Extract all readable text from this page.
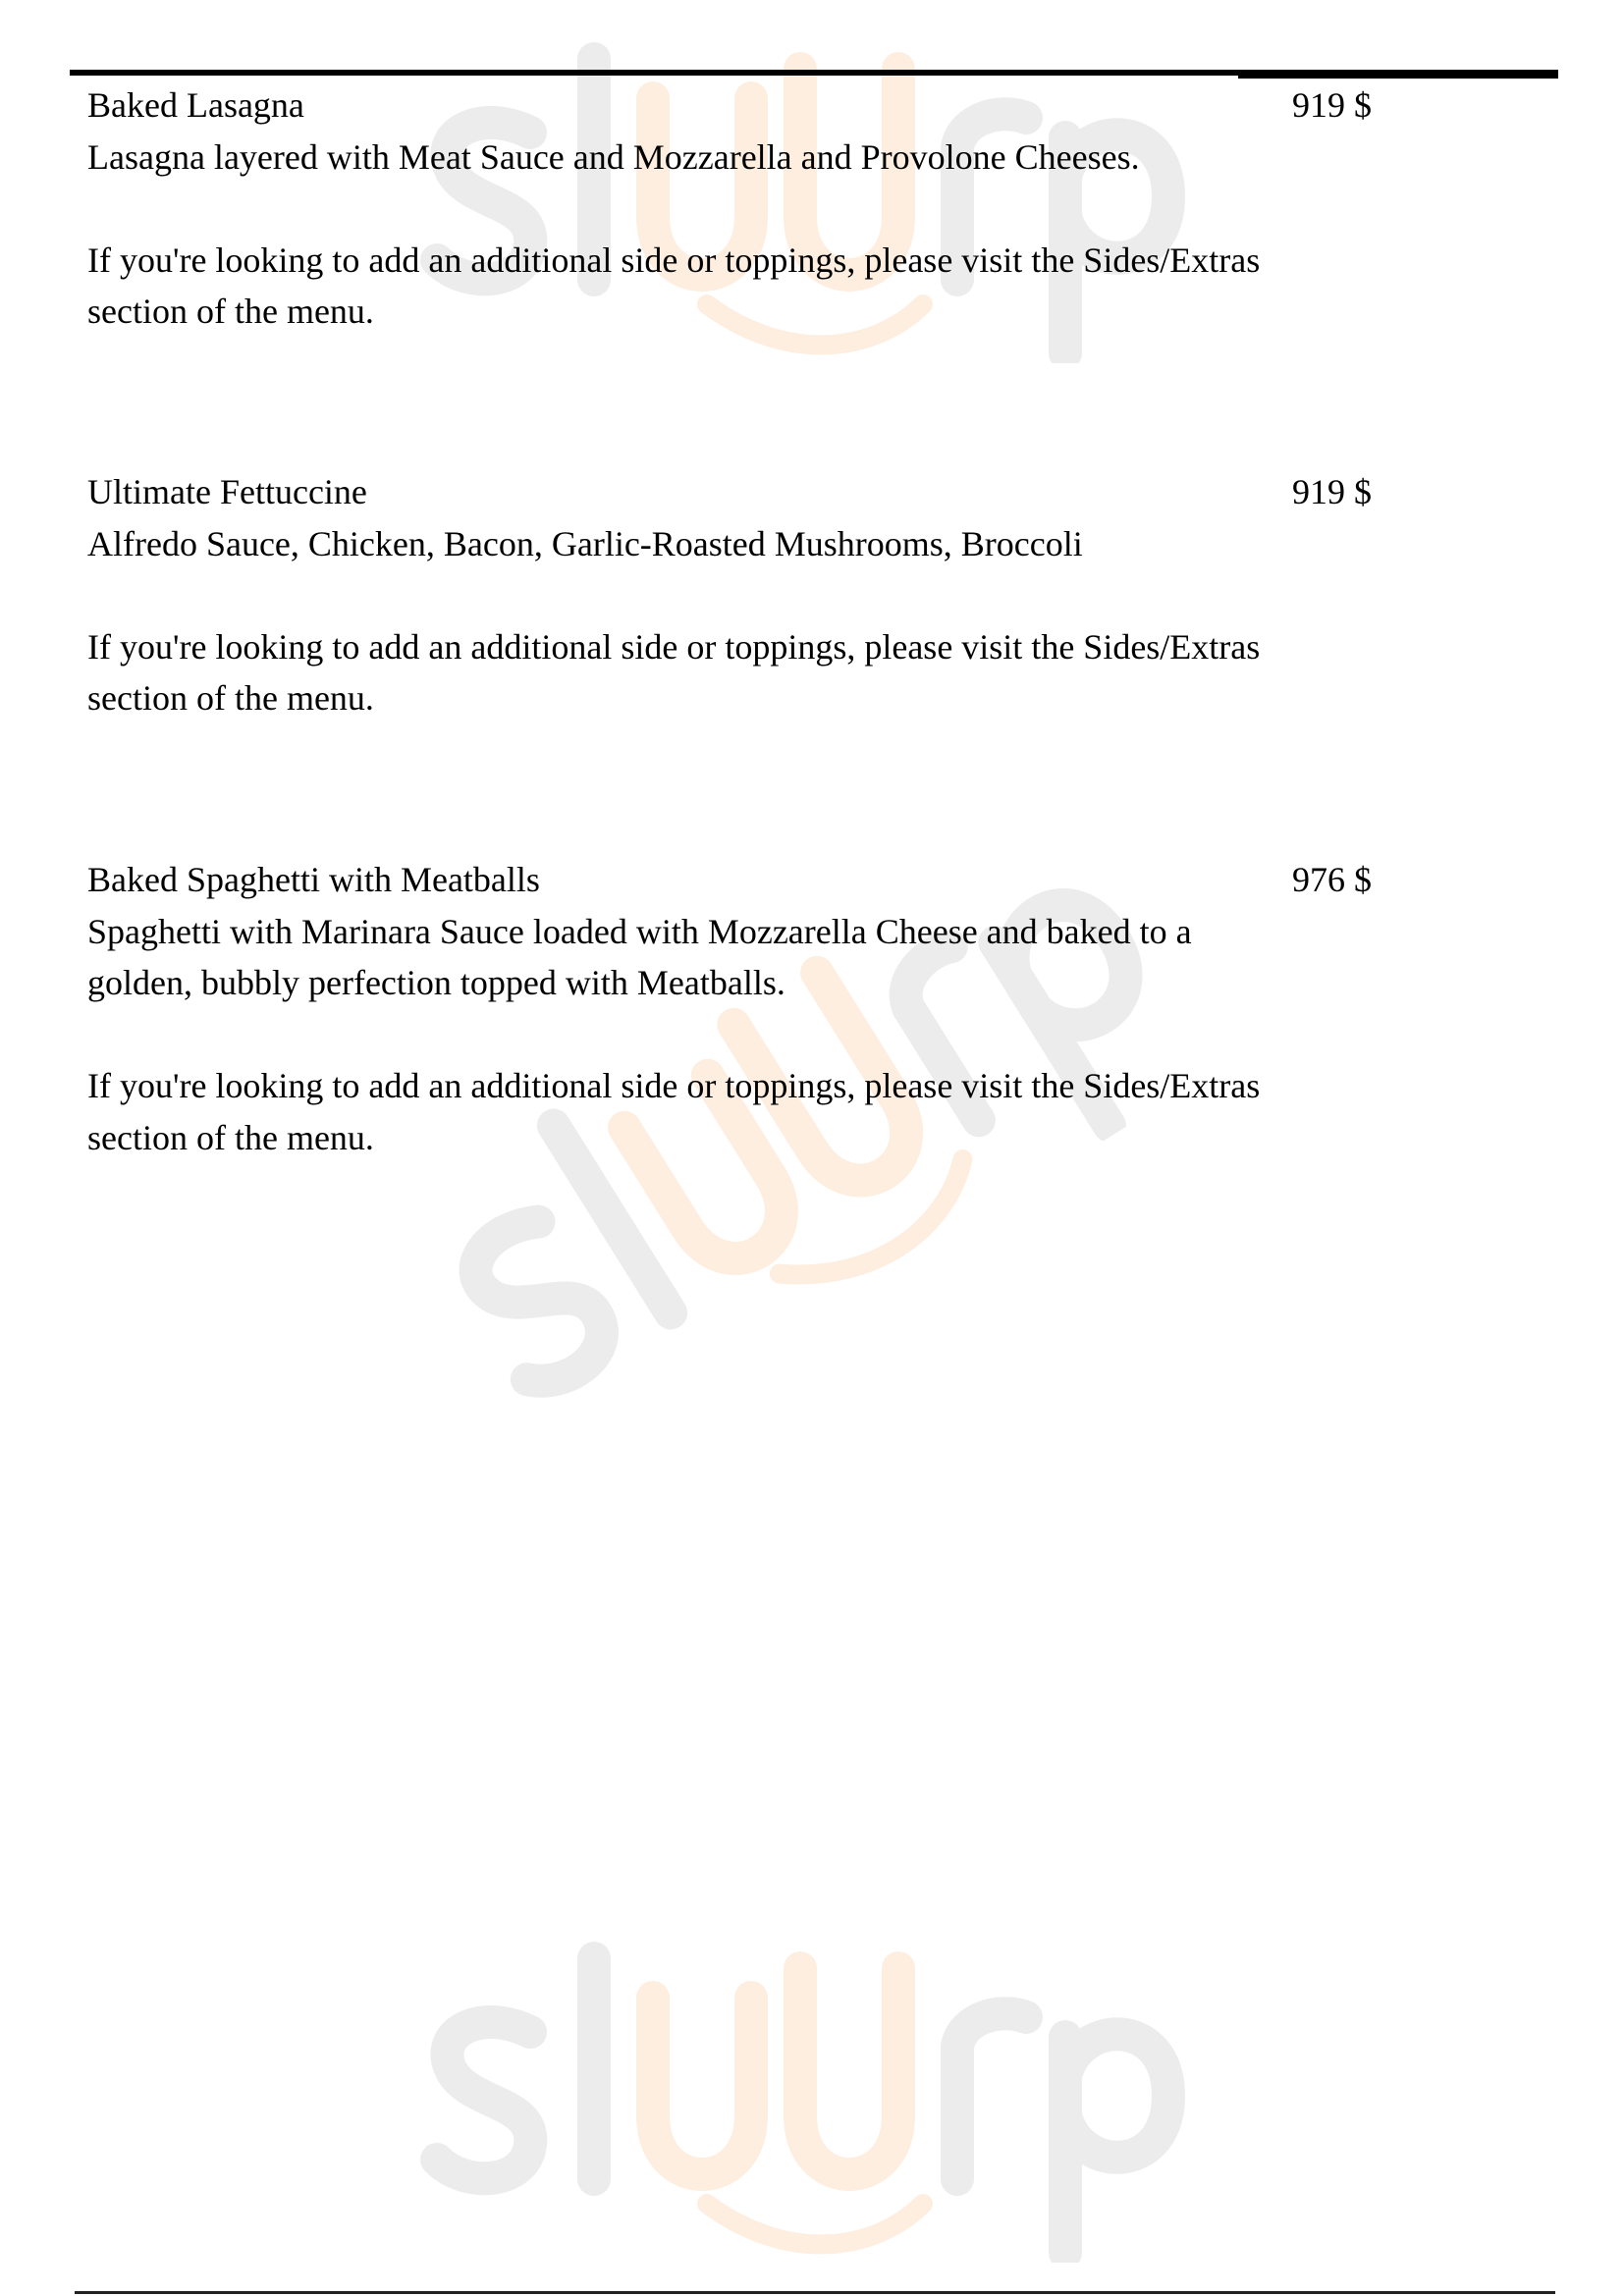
Baked Lasagna
Lasagna layered with Meat Sauce and Mozzarella and Provolone Cheeses.
If you're looking to add an additional side or toppings, please visit the Sides/Extras section of the menu.
919 $
Ultimate Fettuccine
Alfredo Sauce, Chicken, Bacon, Garlic-Roasted Mushrooms, Broccoli
If you're looking to add an additional side or toppings, please visit the Sides/Extras section of the menu.
919 $
Baked Spaghetti with Meatballs
Spaghetti with Marinara Sauce loaded with Mozzarella Cheese and baked to a golden, bubbly perfection topped with Meatballs.
If you're looking to add an additional side or toppings, please visit the Sides/Extras section of the menu.
976 $
